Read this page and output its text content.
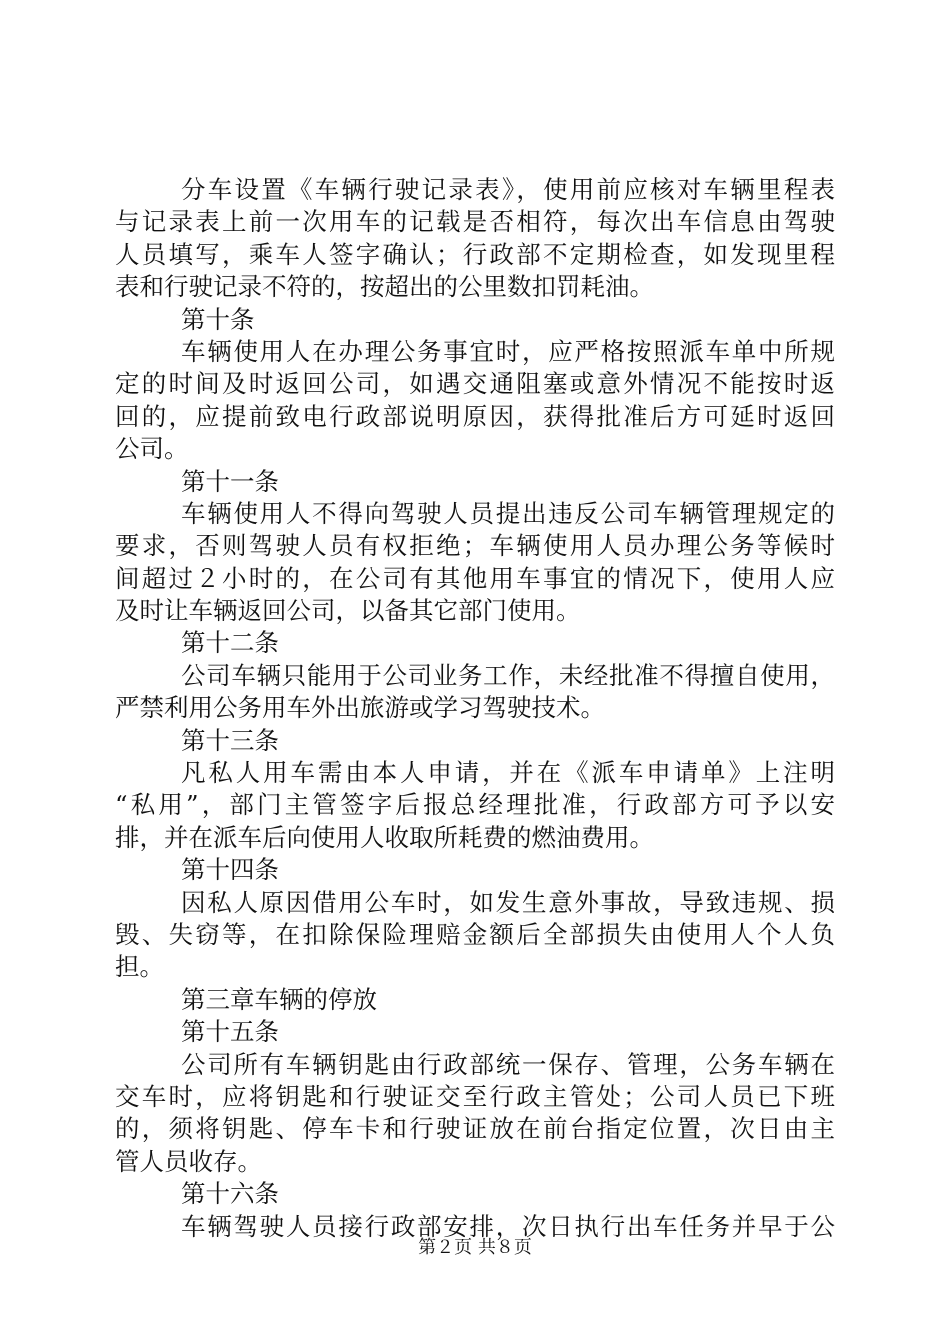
分车设置《车辆行驶记录表》，使用前应核对车辆里程表
与记录表上前一次用车的记载是否相符，每次出车信息由驾驶
人员填写，乘车人签字确认；行政部不定期检查，如发现里程
表和行驶记录不符的，按超出的公里数扣罚耗油。
第十条
车辆使用人在办理公务事宜时，应严格按照派车单中所规
定的时间及时返回公司，如遇交通阻塞或意外情况不能按时返
回的，应提前致电行政部说明原因，获得批准后方可延时返回
公司。
第十一条
车辆使用人不得向驾驶人员提出违反公司车辆管理规定的
要求，否则驾驶人员有权拒绝；车辆使用人员办理公务等候时
间超过２小时的，在公司有其他用车事宜的情况下，使用人应
及时让车辆返回公司，以备其它部门使用。
第十二条
公司车辆只能用于公司业务工作，未经批准不得擅自使用，
严禁利用公务用车外出旅游或学习驾驶技术。
第十三条
凡私人用车需由本人申请，并在《派车申请单》上注明
“私用”，部门主管签字后报总经理批准，行政部方可予以安
排，并在派车后向使用人收取所耗费的燃油费用。
第十四条
因私人原因借用公车时，如发生意外事故，导致违规、损
毁、失窃等，在扣除保险理赔金额后全部损失由使用人个人负
担。
第三章车辆的停放
第十五条
公司所有车辆钥匙由行政部统一保存、管理，公务车辆在
交车时，应将钥匙和行驶证交至行政主管处；公司人员已下班
的，须将钥匙、停车卡和行驶证放在前台指定位置，次日由主
管人员收存。
第十六条
车辆驾驶人员接行政部安排，次日执行出车任务并早于公
第２页 共８页
